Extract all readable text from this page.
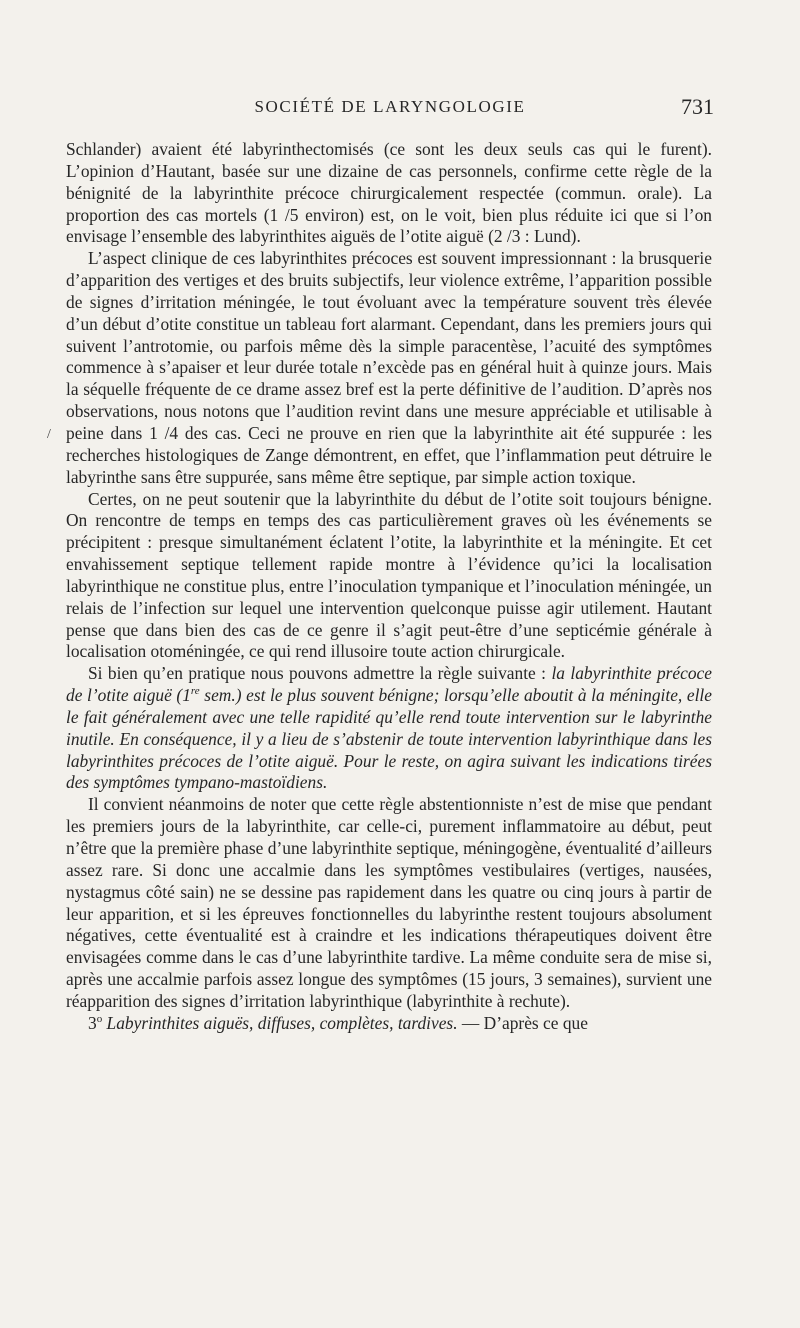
SOCIÉTÉ DE LARYNGOLOGIE	731
/

Schlander) avaient été labyrinthectomisés (ce sont les deux seuls cas qui le furent). L’opinion d’Hautant, basée sur une dizaine de cas personnels, confirme cette règle de la bénignité de la labyrinthite précoce chirurgicalement respectée (commun. orale). La proportion des cas mortels (1 /5 environ) est, on le voit, bien plus réduite ici que si l’on envisage l’ensemble des labyrinthites aiguës de l’otite aiguë (2 /3 : Lund).

L’aspect clinique de ces labyrinthites précoces est souvent impressionnant : la brusquerie d’apparition des vertiges et des bruits subjectifs, leur violence extrême, l’apparition possible de signes d’irritation méningée, le tout évoluant avec la température souvent très élevée d’un début d’otite constitue un tableau fort alarmant. Cependant, dans les premiers jours qui suivent l’antrotomie, ou parfois même dès la simple paracentèse, l’acuité des symptômes commence à s’apaiser et leur durée totale n’excède pas en général huit à quinze jours. Mais la séquelle fréquente de ce drame assez bref est la perte définitive de l’audition. D’après nos observations, nous notons que l’audition revint dans une mesure appréciable et utilisable à peine dans 1 /4 des cas. Ceci ne prouve en rien que la labyrinthite ait été suppurée : les recherches histologiques de Zange démontrent, en effet, que l’inflammation peut détruire le labyrinthe sans être suppurée, sans même être septique, par simple action toxique.

Certes, on ne peut soutenir que la labyrinthite du début de l’otite soit toujours bénigne. On rencontre de temps en temps des cas particulièrement graves où les événements se précipitent : presque simultanément éclatent l’otite, la labyrinthite et la méningite. Et cet envahissement septique tellement rapide montre à l’évidence qu’ici la localisation labyrinthique ne constitue plus, entre l’inoculation tympanique et l’inoculation méningée, un relais de l’infection sur lequel une intervention quelconque puisse agir utilement. Hautant pense que dans bien des cas de ce genre il s’agit peut-être d’une septicémie générale à localisation otoméningée, ce qui rend illusoire toute action chirurgicale.

Si bien qu’en pratique nous pouvons admettre la règle suivante : la labyrinthite précoce de l’otite aiguë (1re sem.) est le plus souvent bénigne; lorsqu’elle aboutit à la méningite, elle le fait généralement avec une telle rapidité qu’elle rend toute intervention sur le labyrinthe inutile. En conséquence, il y a lieu de s’abstenir de toute intervention labyrinthique dans les labyrinthites précoces de l’otite aiguë. Pour le reste, on agira suivant les indications tirées des symptômes tympano-mastoïdiens.

Il convient néanmoins de noter que cette règle abstentionniste n’est de mise que pendant les premiers jours de la labyrinthite, car celle-ci, purement inflammatoire au début, peut n’être que la première phase d’une labyrinthite septique, méningogène, éventualité d’ailleurs assez rare. Si donc une accalmie dans les symptômes vestibulaires (vertiges, nausées, nystagmus côté sain) ne se dessine pas rapidement dans les quatre ou cinq jours à partir de leur apparition, et si les épreuves fonctionnelles du labyrinthe restent toujours absolument négatives, cette éventualité est à craindre et les indications thérapeutiques doivent être envisagées comme dans le cas d’une labyrinthite tardive. La même conduite sera de mise si, après une accalmie parfois assez longue des symptômes (15 jours, 3 semaines), survient une réapparition des signes d’irritation labyrinthique (labyrinthite à rechute).

3$^o$ Labyrinthites aiguës, diffuses, complètes, tardives. — D’après ce que
